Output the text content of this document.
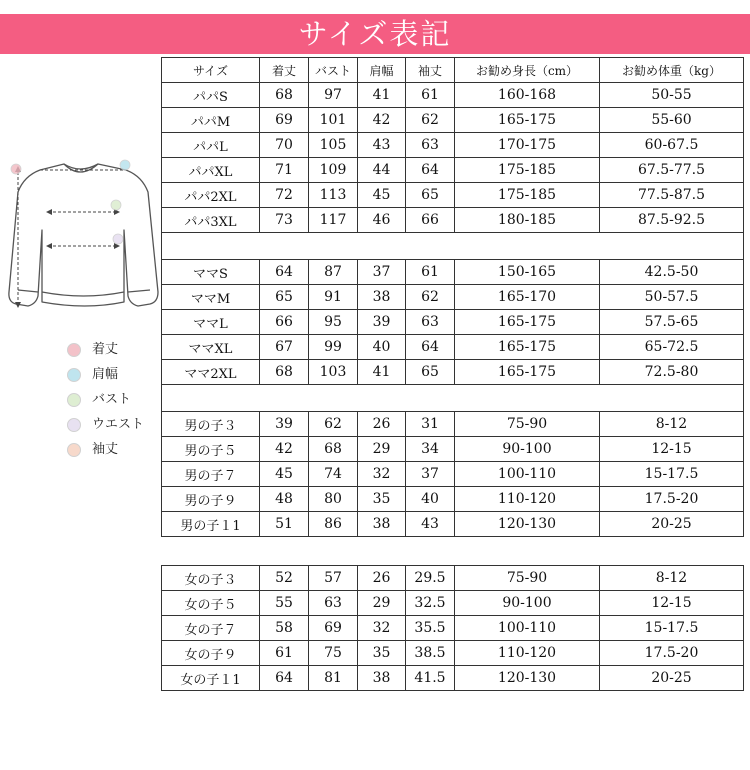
サイズ表記
サイズ	着丈	バスト	肩幅	袖丈	お勧め身長（cm）	お勧め体重（kg）
パパS	68	97	41	61	160-168	50-55
パパM	69	101	42	62	165-175	55-60
パパL	70	105	43	63	170-175	60-67.5
パパXL	71	109	44	64	175-185	67.5-77.5
パパ2XL	72	113	45	65	175-185	77.5-87.5
パパ3XL	73	117	46	66	180-185	87.5-92.5

ママS	64	87	37	61	150-165	42.5-50
ママM	65	91	38	62	165-170	50-57.5
ママL	66	95	39	63	165-175	57.5-65
ママXL	67	99	40	64	165-175	65-72.5
ママ2XL	68	103	41	65	165-175	72.5-80

男の子３	39	62	26	31	75-90	8-12
男の子５	42	68	29	34	90-100	12-15
男の子７	45	74	32	37	100-110	15-17.5
男の子９	48	80	35	40	110-120	17.5-20
男の子１1	51	86	38	43	120-130	20-25
女の子３	52	57	26	29.5	75-90	8-12
女の子５	55	63	29	32.5	90-100	12-15
女の子７	58	69	32	35.5	100-110	15-17.5
女の子９	61	75	35	38.5	110-120	17.5-20
女の子１1	64	81	38	41.5	120-130	20-25
着丈
肩幅
バスト
ウエスト
袖丈
